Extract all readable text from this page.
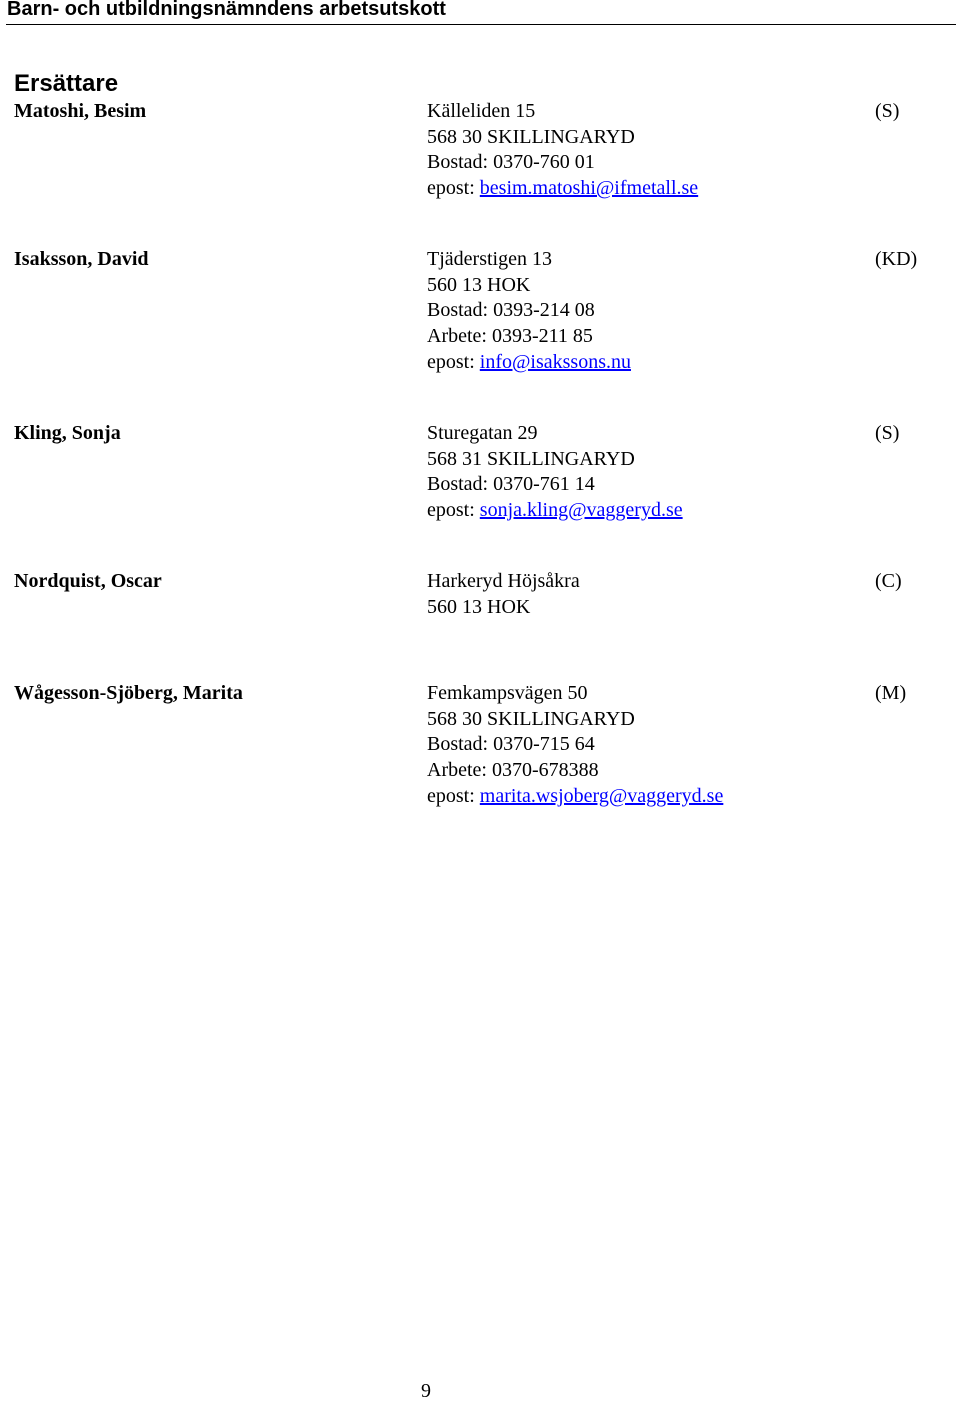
Barn- och utbildningsnämndens arbetsutskott
Ersättare
Matoshi, Besim	Källeliden 15
568 30 SKILLINGARYD
Bostad: 0370-760 01
epost: besim.matoshi@ifmetall.se
(S)
Isaksson, David	Tjäderstigen 13
560 13 HOK
Bostad: 0393-214 08
Arbete: 0393-211 85
epost: info@isakssons.nu
(KD)
Kling, Sonja	Sturegatan 29
568 31 SKILLINGARYD
Bostad: 0370-761 14
epost: sonja.kling@vaggeryd.se
(S)
Nordquist, Oscar	Harkeryd Höjsåkra
560 13 HOK
(C)
Wågesson-Sjöberg, Marita	Femkampsvägen 50
568 30 SKILLINGARYD
Bostad: 0370-715 64
Arbete: 0370-678388
epost: marita.wsjoberg@vaggeryd.se
(M)
9
